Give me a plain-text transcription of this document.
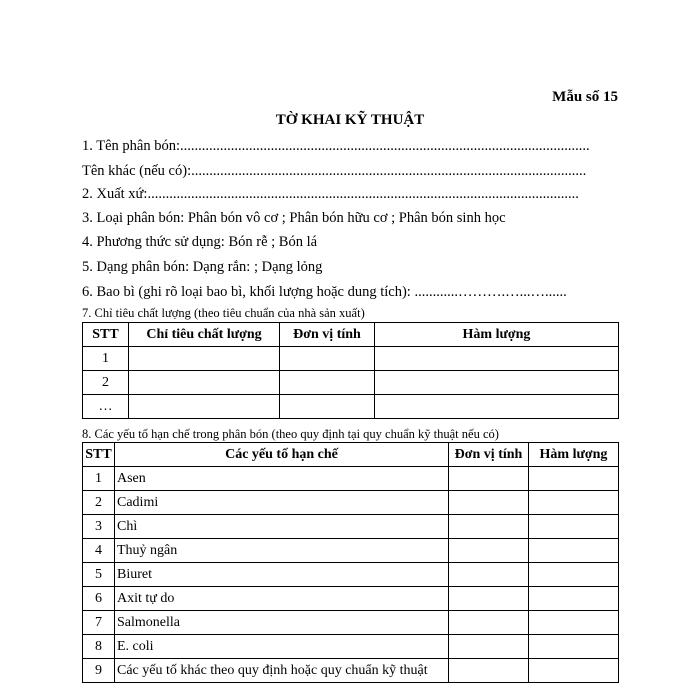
Mẫu số 15
TỜ KHAI KỸ THUẬT
1. Tên phân bón:.................................................................................................................
Tên khác (nếu có):.............................................................................................................
2. Xuất xứ:.......................................................................................................................
3. Loại phân bón: Phân bón vô cơ ; Phân bón hữu cơ ; Phân bón sinh học
4. Phương thức sử dụng: Bón rễ ; Bón lá
5. Dạng phân bón: Dạng rắn: ; Dạng lỏng
6. Bao bì (ghi rõ loại bao bì, khối lượng hoặc dung tích): ............……….…...…......
7. Chỉ tiêu chất lượng (theo tiêu chuẩn của nhà sản xuất)
STT	Chỉ tiêu chất lượng	Đơn vị tính	Hàm lượng
1			
2			
…			
8. Các yếu tố hạn chế trong phân bón (theo quy định tại quy chuẩn kỹ thuật nếu có)
STT	Các yếu tố hạn chế	Đơn vị tính	Hàm lượng
1	Asen		
2	Cadimi		
3	Chì		
4	Thuỷ ngân		
5	Biuret		
6	Axit tự do		
7	Salmonella		
8	E. coli		
9	Các yếu tố khác theo quy định hoặc quy chuẩn kỹ thuật		
